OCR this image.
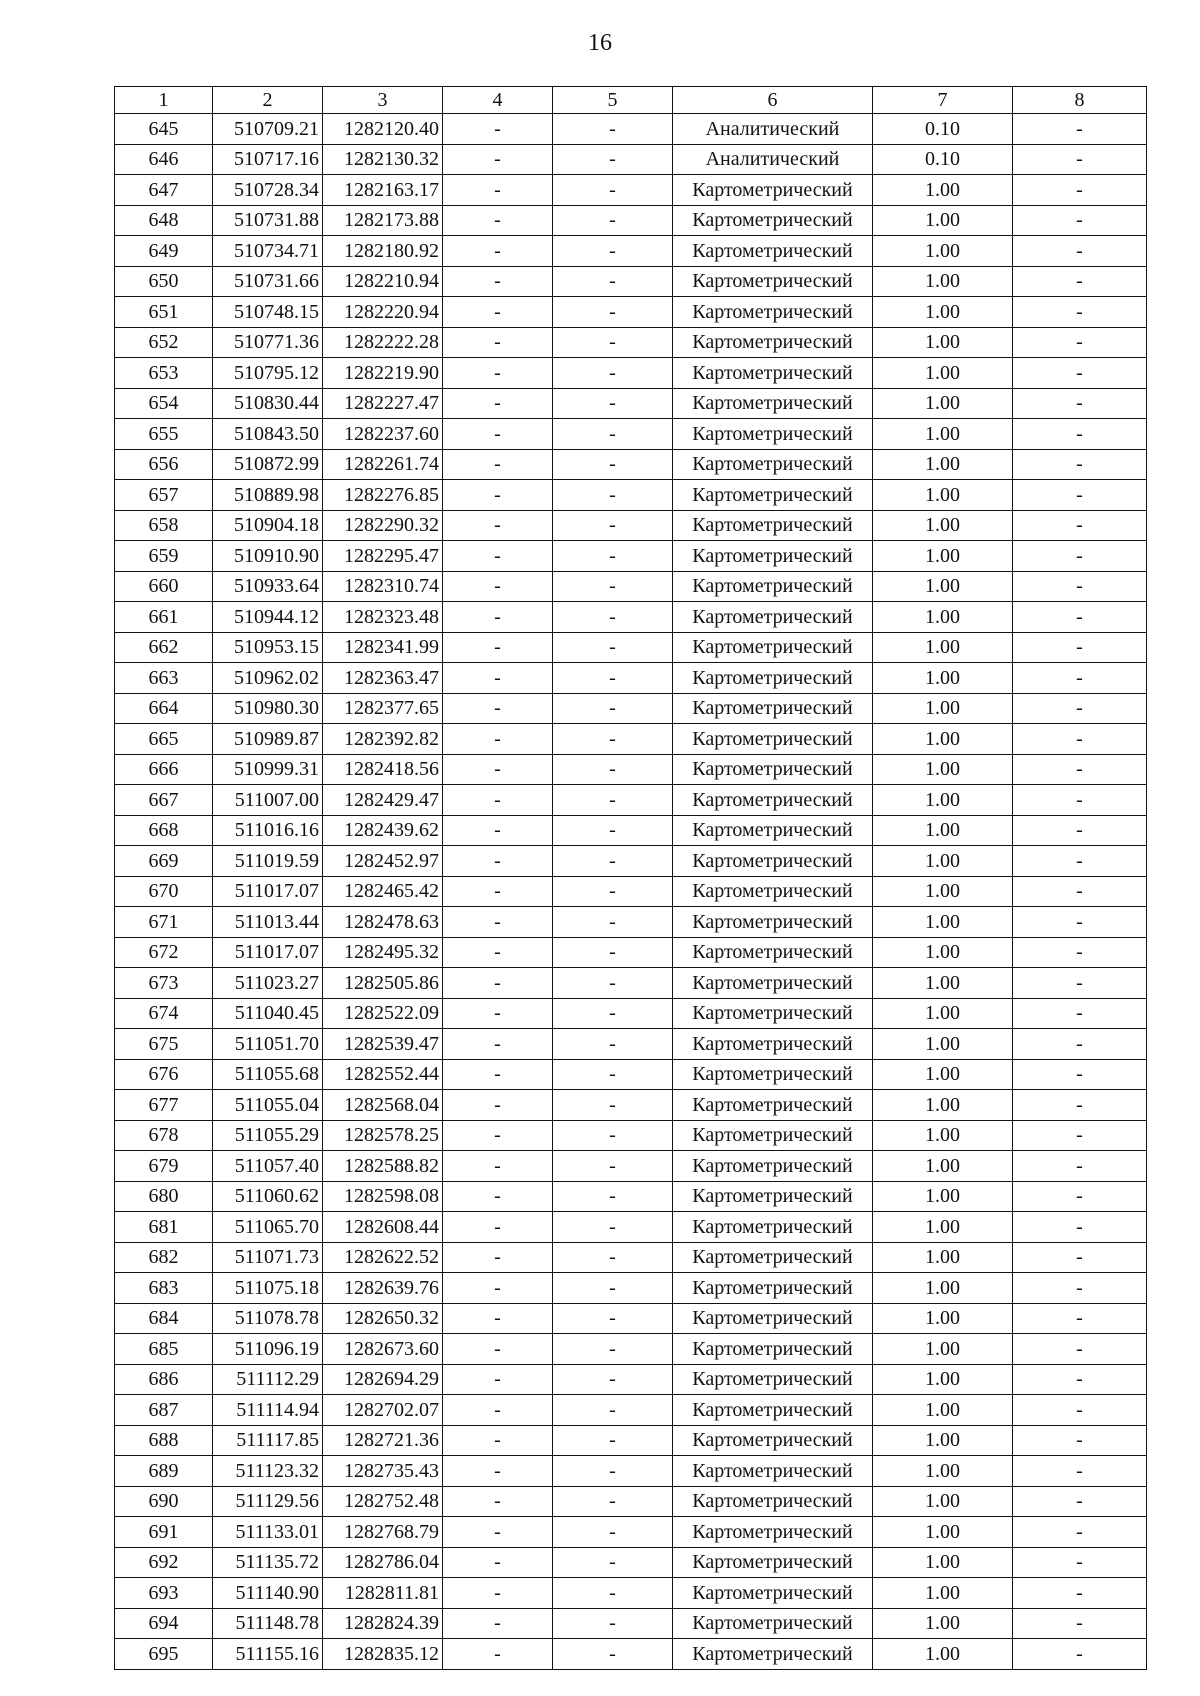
16
1	2	3	4	5	6	7	8
645	510709.21	1282120.40	-	-	Аналитический	0.10	-
646	510717.16	1282130.32	-	-	Аналитический	0.10	-
647	510728.34	1282163.17	-	-	Картометрический	1.00	-
648	510731.88	1282173.88	-	-	Картометрический	1.00	-
649	510734.71	1282180.92	-	-	Картометрический	1.00	-
650	510731.66	1282210.94	-	-	Картометрический	1.00	-
651	510748.15	1282220.94	-	-	Картометрический	1.00	-
652	510771.36	1282222.28	-	-	Картометрический	1.00	-
653	510795.12	1282219.90	-	-	Картометрический	1.00	-
654	510830.44	1282227.47	-	-	Картометрический	1.00	-
655	510843.50	1282237.60	-	-	Картометрический	1.00	-
656	510872.99	1282261.74	-	-	Картометрический	1.00	-
657	510889.98	1282276.85	-	-	Картометрический	1.00	-
658	510904.18	1282290.32	-	-	Картометрический	1.00	-
659	510910.90	1282295.47	-	-	Картометрический	1.00	-
660	510933.64	1282310.74	-	-	Картометрический	1.00	-
661	510944.12	1282323.48	-	-	Картометрический	1.00	-
662	510953.15	1282341.99	-	-	Картометрический	1.00	-
663	510962.02	1282363.47	-	-	Картометрический	1.00	-
664	510980.30	1282377.65	-	-	Картометрический	1.00	-
665	510989.87	1282392.82	-	-	Картометрический	1.00	-
666	510999.31	1282418.56	-	-	Картометрический	1.00	-
667	511007.00	1282429.47	-	-	Картометрический	1.00	-
668	511016.16	1282439.62	-	-	Картометрический	1.00	-
669	511019.59	1282452.97	-	-	Картометрический	1.00	-
670	511017.07	1282465.42	-	-	Картометрический	1.00	-
671	511013.44	1282478.63	-	-	Картометрический	1.00	-
672	511017.07	1282495.32	-	-	Картометрический	1.00	-
673	511023.27	1282505.86	-	-	Картометрический	1.00	-
674	511040.45	1282522.09	-	-	Картометрический	1.00	-
675	511051.70	1282539.47	-	-	Картометрический	1.00	-
676	511055.68	1282552.44	-	-	Картометрический	1.00	-
677	511055.04	1282568.04	-	-	Картометрический	1.00	-
678	511055.29	1282578.25	-	-	Картометрический	1.00	-
679	511057.40	1282588.82	-	-	Картометрический	1.00	-
680	511060.62	1282598.08	-	-	Картометрический	1.00	-
681	511065.70	1282608.44	-	-	Картометрический	1.00	-
682	511071.73	1282622.52	-	-	Картометрический	1.00	-
683	511075.18	1282639.76	-	-	Картометрический	1.00	-
684	511078.78	1282650.32	-	-	Картометрический	1.00	-
685	511096.19	1282673.60	-	-	Картометрический	1.00	-
686	511112.29	1282694.29	-	-	Картометрический	1.00	-
687	511114.94	1282702.07	-	-	Картометрический	1.00	-
688	511117.85	1282721.36	-	-	Картометрический	1.00	-
689	511123.32	1282735.43	-	-	Картометрический	1.00	-
690	511129.56	1282752.48	-	-	Картометрический	1.00	-
691	511133.01	1282768.79	-	-	Картометрический	1.00	-
692	511135.72	1282786.04	-	-	Картометрический	1.00	-
693	511140.90	1282811.81	-	-	Картометрический	1.00	-
694	511148.78	1282824.39	-	-	Картометрический	1.00	-
695	511155.16	1282835.12	-	-	Картометрический	1.00	-
